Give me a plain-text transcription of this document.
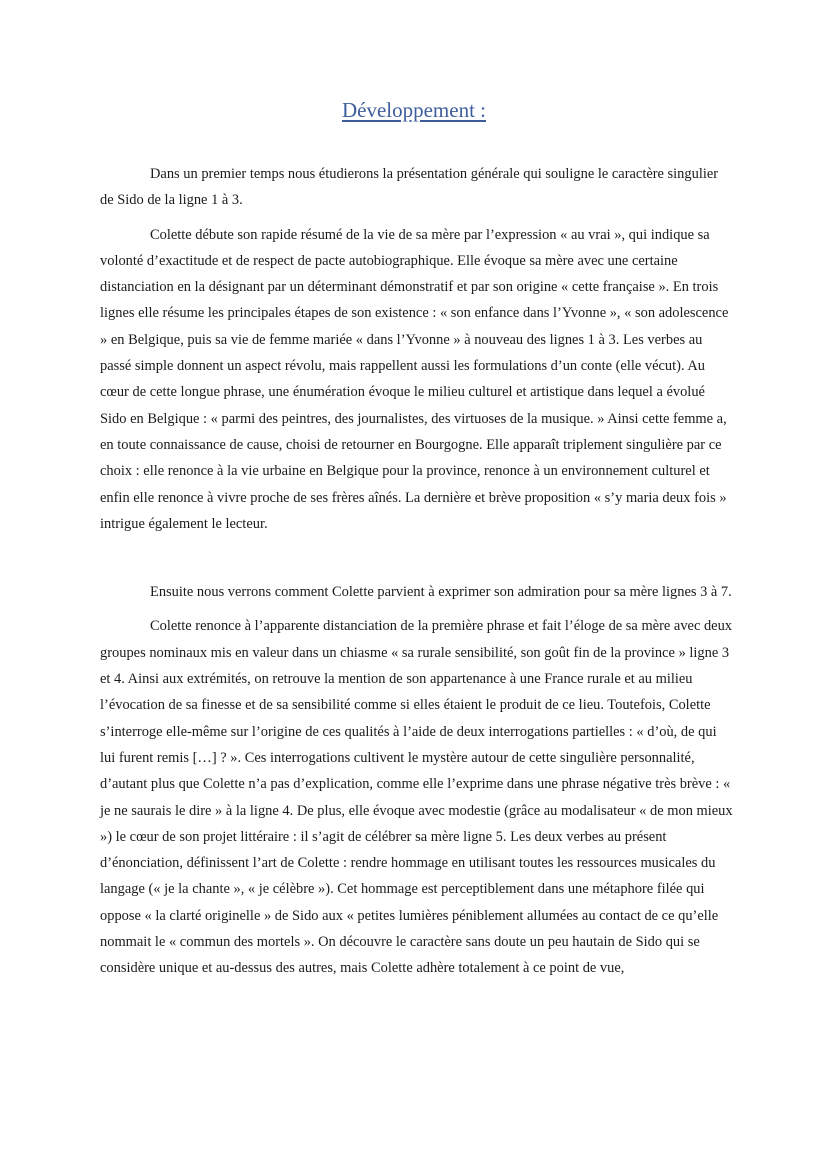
Développement :

Dans un premier temps nous étudierons la présentation générale qui souligne le caractère singulier de Sido de la ligne 1 à 3.

Colette débute son rapide résumé de la vie de sa mère par l’expression « au vrai », qui indique sa volonté d’exactitude et de respect de pacte autobiographique. Elle évoque sa mère avec une certaine distanciation en la désignant par un déterminant démonstratif et par son origine « cette française ». En trois lignes elle résume les principales étapes de son existence : « son enfance dans l’Yvonne », « son adolescence » en Belgique, puis sa vie de femme mariée « dans l’Yvonne » à nouveau des lignes 1 à 3. Les verbes au passé simple donnent un aspect révolu, mais rappellent aussi les formulations d’un conte (elle vécut). Au cœur de cette longue phrase, une énumération évoque le milieu culturel et artistique dans lequel a évolué Sido en Belgique : « parmi des peintres, des journalistes, des virtuoses de la musique. » Ainsi cette femme a, en toute connaissance de cause, choisi de retourner en Bourgogne. Elle apparaît triplement singulière par ce choix : elle renonce à la vie urbaine en Belgique pour la province, renonce à un environnement culturel et enfin elle renonce à vivre proche de ses frères aînés. La dernière et brève proposition « s’y maria deux fois » intrigue également le lecteur.

Ensuite nous verrons comment Colette parvient à exprimer son admiration pour sa mère lignes 3 à 7.

Colette renonce à l’apparente distanciation de la première phrase et fait l’éloge de sa mère avec deux groupes nominaux mis en valeur dans un chiasme « sa rurale sensibilité, son goût fin de la province » ligne 3 et 4. Ainsi aux extrémités, on retrouve la mention de son appartenance à une France rurale et au milieu l’évocation de sa finesse et de sa sensibilité comme si elles étaient le produit de ce lieu. Toutefois, Colette s’interroge elle-même sur l’origine de ces qualités à l’aide de deux interrogations partielles : « d’où, de qui lui furent remis […] ? ». Ces interrogations cultivent le mystère autour de cette singulière personnalité, d’autant plus que Colette n’a pas d’explication, comme elle l’exprime dans une phrase négative très brève : « je ne saurais le dire » à la ligne 4. De plus, elle évoque avec modestie (grâce au modalisateur « de mon mieux ») le cœur de son projet littéraire : il s’agit de célébrer sa mère ligne 5. Les deux verbes au présent d’énonciation, définissent l’art de Colette : rendre hommage en utilisant toutes les ressources musicales du langage (« je la chante », « je célèbre »). Cet hommage est perceptiblement dans une métaphore filée qui oppose « la clarté originelle » de Sido aux « petites lumières péniblement allumées au contact de ce qu’elle nommait le « commun des mortels ». On découvre le caractère sans doute un peu hautain de Sido qui se considère unique et au-dessus des autres, mais Colette adhère totalement à ce point de vue,
